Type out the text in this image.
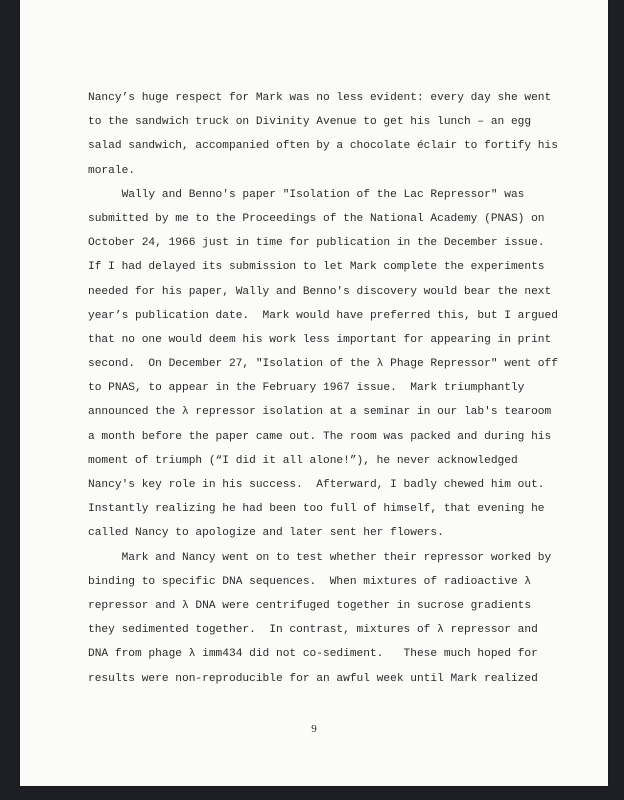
Nancy’s huge respect for Mark was no less evident: every day she went
to the sandwich truck on Divinity Avenue to get his lunch – an egg
salad sandwich, accompanied often by a chocolate éclair to fortify his
morale.
Wally and Benno's paper "Isolation of the Lac Repressor" was
submitted by me to the Proceedings of the National Academy (PNAS) on
October 24, 1966 just in time for publication in the December issue.
If I had delayed its submission to let Mark complete the experiments
needed for his paper, Wally and Benno's discovery would bear the next
year’s publication date.  Mark would have preferred this, but I argued
that no one would deem his work less important for appearing in print
second.  On December 27, "Isolation of the λ Phage Repressor" went off
to PNAS, to appear in the February 1967 issue.  Mark triumphantly
announced the λ repressor isolation at a seminar in our lab's tearoom
a month before the paper came out. The room was packed and during his
moment of triumph (“I did it all alone!”), he never acknowledged
Nancy's key role in his success.  Afterward, I badly chewed him out.
Instantly realizing he had been too full of himself, that evening he
called Nancy to apologize and later sent her flowers.
Mark and Nancy went on to test whether their repressor worked by
binding to specific DNA sequences.  When mixtures of radioactive λ
repressor and λ DNA were centrifuged together in sucrose gradients
they sedimented together.  In contrast, mixtures of λ repressor and
DNA from phage λ imm434 did not co-sediment.   These much hoped for
results were non-reproducible for an awful week until Mark realized
9
